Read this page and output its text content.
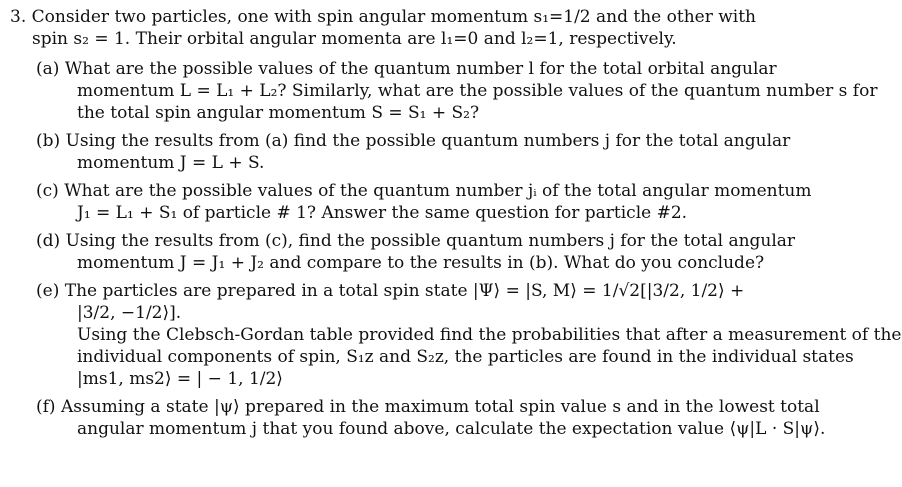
3. Consider two particles, one with spin angular momentum s₁=1/2 and the other with
spin s₂ = 1. Their orbital angular momenta are l₁=0 and l₂=1, respectively.
(a) What are the possible values of the quantum number l for the total orbital angular
momentum L = L₁ + L₂? Similarly, what are the possible values of the quantum number s for
the total spin angular momentum S = S₁ + S₂?
(b) Using the results from (a) find the possible quantum numbers j for the total angular
momentum J = L + S.
(c) What are the possible values of the quantum number jᵢ of the total angular momentum
J₁ = L₁ + S₁ of particle # 1? Answer the same question for particle #2.
(d) Using the results from (c), find the possible quantum numbers j for the total angular
momentum J = J₁ + J₂ and compare to the results in (b). What do you conclude?
(e) The particles are prepared in a total spin state |Ψ⟩ = |S, M⟩ = 1/√2[|3/2, 1/2⟩ +
|3/2, −1/2⟩].
Using the Clebsch-Gordan table provided find the probabilities that after a measurement of the
individual components of spin, S₁z and S₂z, the particles are found in the individual states
|ms1, ms2⟩ = | − 1, 1/2⟩
(f) Assuming a state |ψ⟩ prepared in the maximum total spin value s and in the lowest total
angular momentum j that you found above, calculate the expectation value ⟨ψ|L · S|ψ⟩.
